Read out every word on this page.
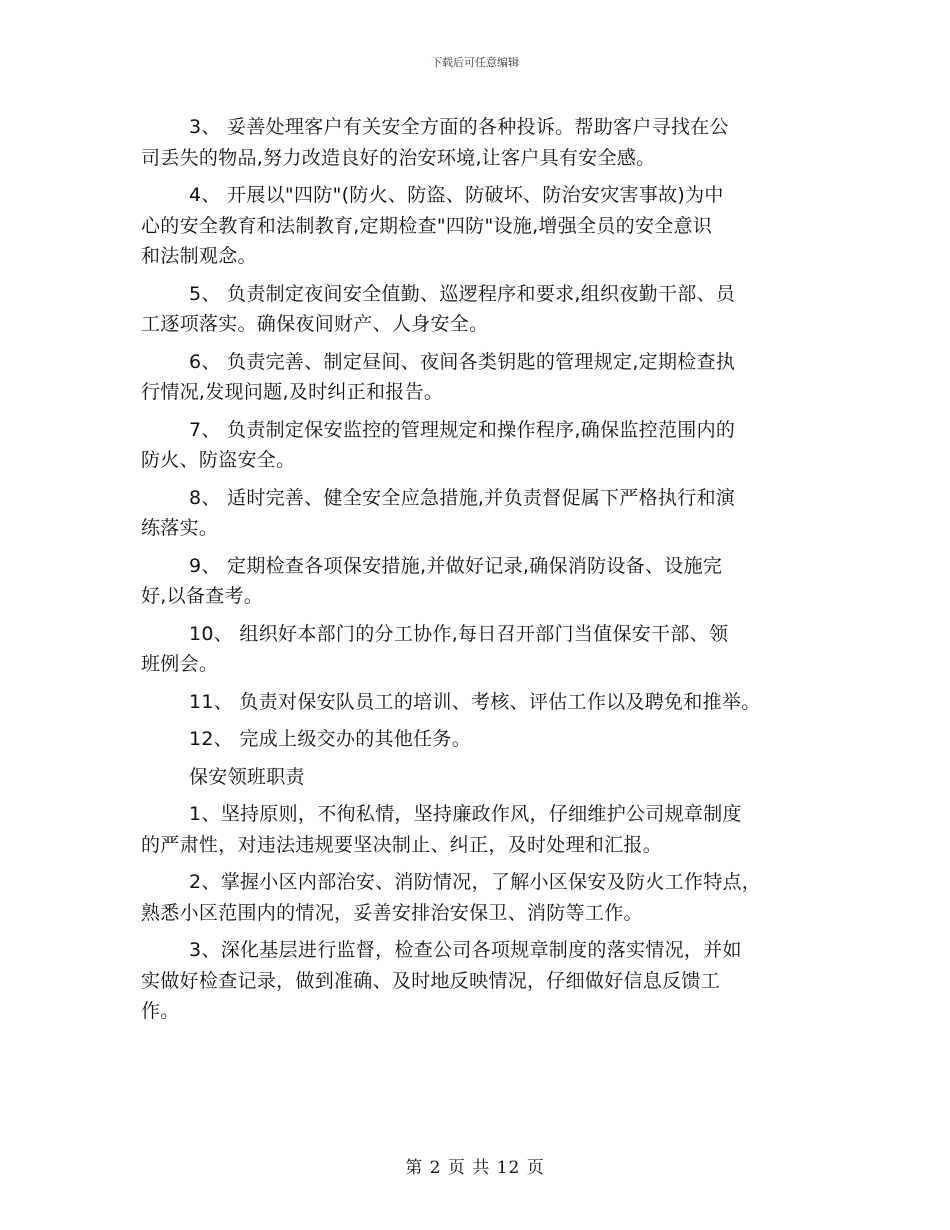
下载后可任意编辑
3、 妥善处理客户有关安全方面的各种投诉。帮助客户寻找在公
司丢失的物品,努力改造良好的治安环境,让客户具有安全感。
4、 开展以"四防"(防火、防盗、防破坏、防治安灾害事故)为中
心的安全教育和法制教育,定期检查"四防"设施,增强全员的安全意识
和法制观念。
5、 负责制定夜间安全值勤、巡逻程序和要求,组织夜勤干部、员
工逐项落实。确保夜间财产、人身安全。
6、 负责完善、制定昼间、夜间各类钥匙的管理规定,定期检查执
行情况,发现问题,及时纠正和报告。
7、 负责制定保安监控的管理规定和操作程序,确保监控范围内的
防火、防盗安全。
8、 适时完善、健全安全应急措施,并负责督促属下严格执行和演
练落实。
9、 定期检查各项保安措施,并做好记录,确保消防设备、设施完
好,以备查考。
10、 组织好本部门的分工协作,每日召开部门当值保安干部、领
班例会。
11、 负责对保安队员工的培训、考核、评估工作以及聘免和推举。
12、 完成上级交办的其他任务。
保安领班职责
1、坚持原则，不徇私情，坚持廉政作风，仔细维护公司规章制度
的严肃性，对违法违规要坚决制止、纠正，及时处理和汇报。
2、掌握小区内部治安、消防情况，了解小区保安及防火工作特点，
熟悉小区范围内的情况，妥善安排治安保卫、消防等工作。
3、深化基层进行监督，检查公司各项规章制度的落实情况，并如
实做好检查记录，做到准确、及时地反映情况，仔细做好信息反馈工
作。
第 2 页 共 12 页
